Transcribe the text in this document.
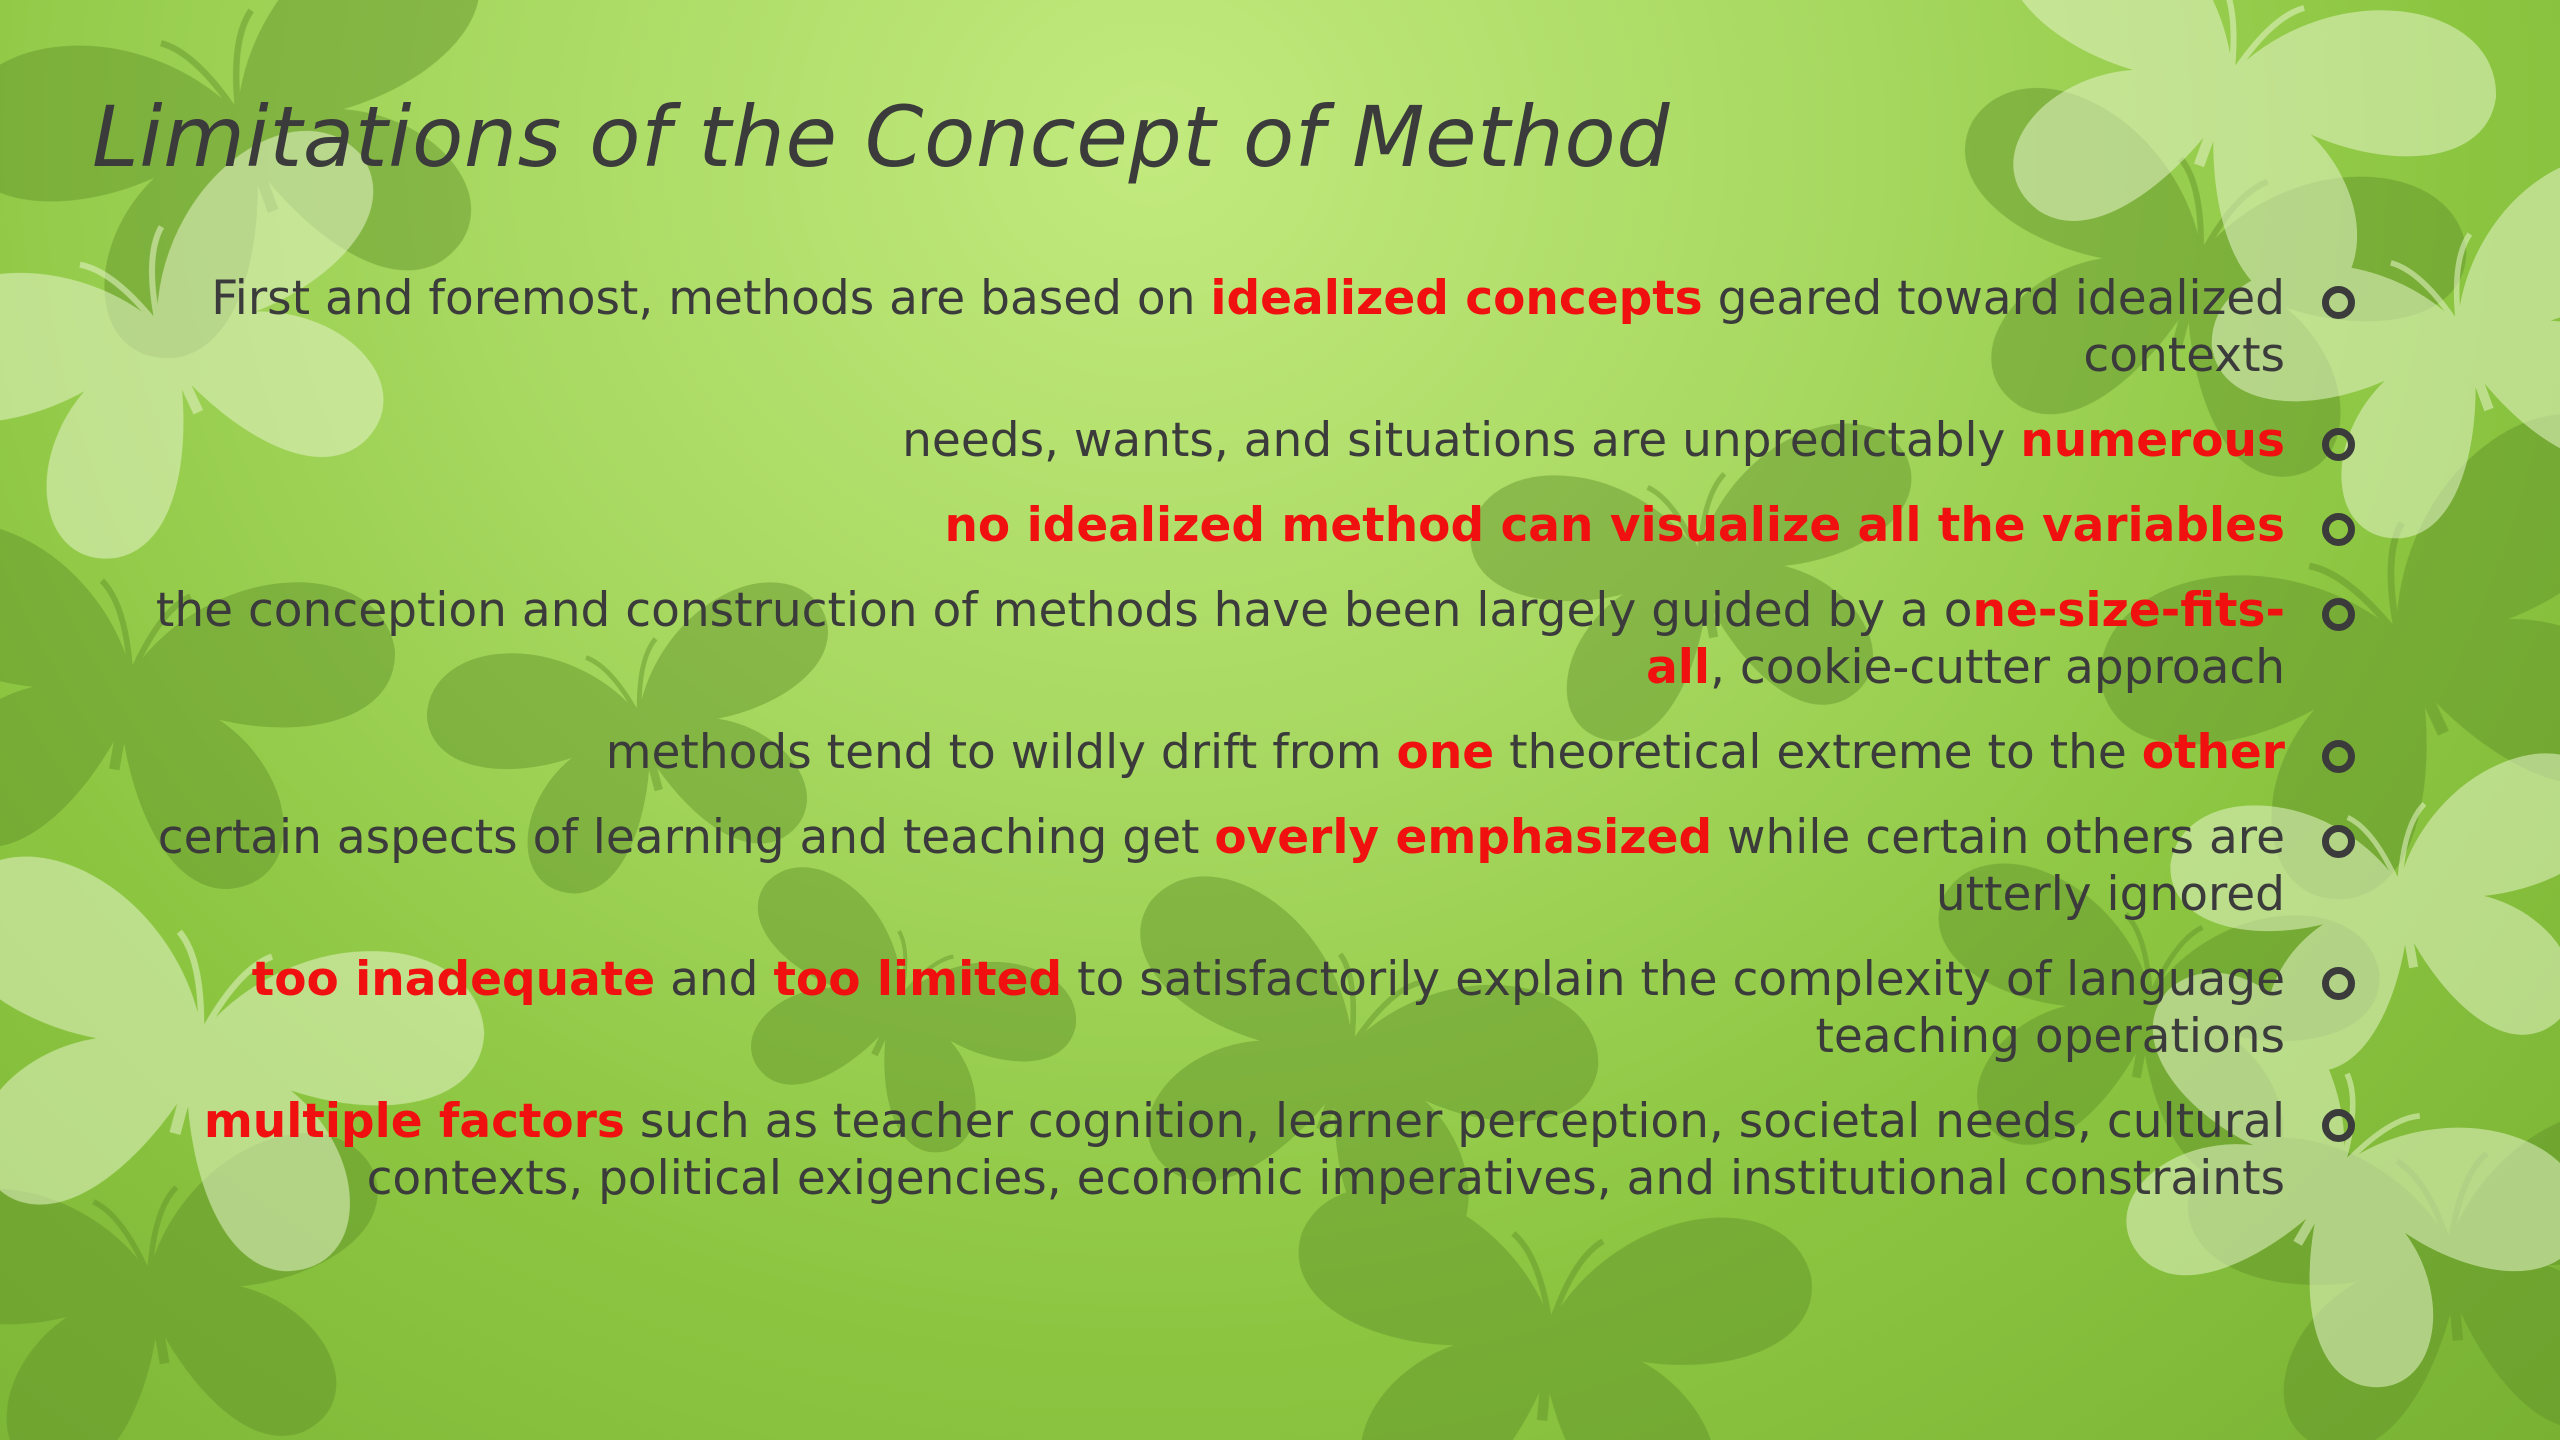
Limitations of the Concept of Method
First and foremost, methods are based on idealized concepts geared toward idealized contexts
needs, wants, and situations are unpredictably numerous
no idealized method can visualize all the variables
the conception and construction of methods have been largely guided by a one-size-fits-all, cookie-cutter approach
methods tend to wildly drift from one theoretical extreme to the other
certain aspects of learning and teaching get overly emphasized while certain others are utterly ignored
too inadequate and too limited to satisfactorily explain the complexity of language teaching operations
multiple factors such as teacher cognition, learner perception, societal needs, cultural contexts, political exigencies, economic imperatives, and institutional constraints
